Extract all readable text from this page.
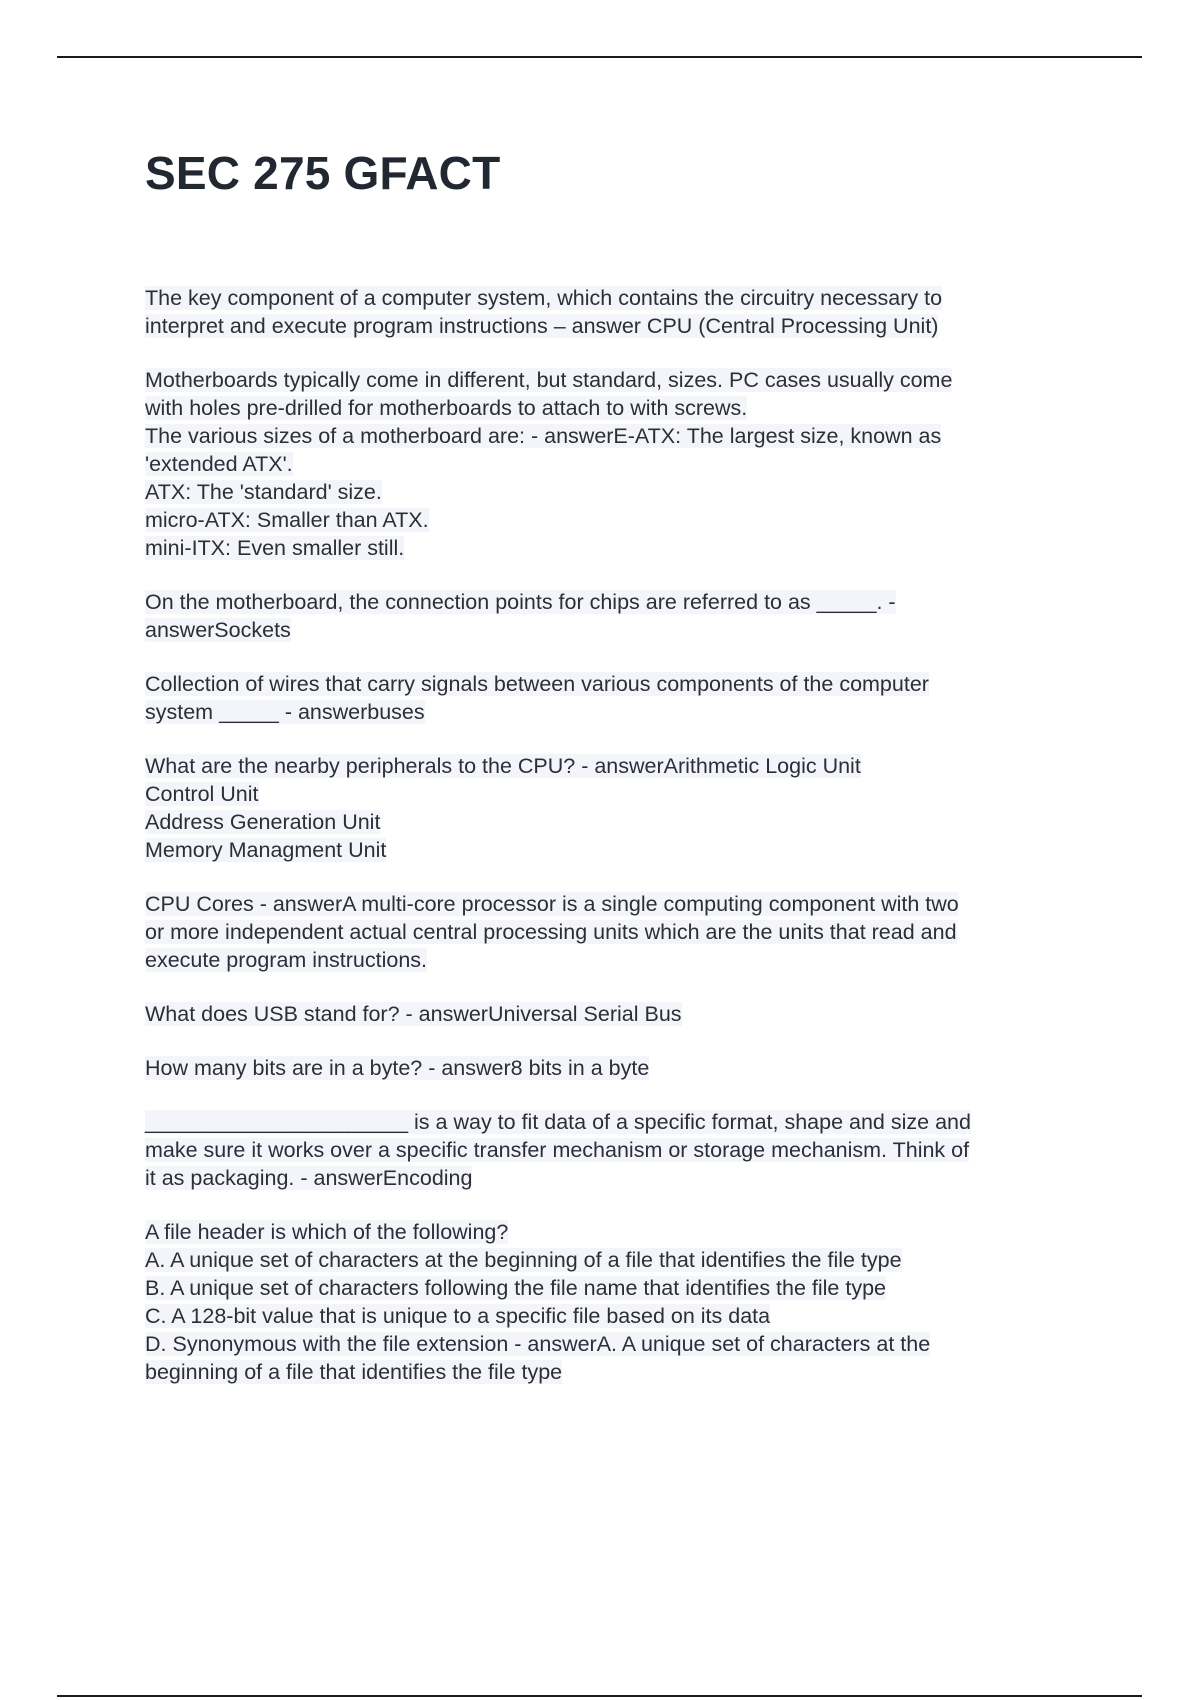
SEC 275 GFACT
The key component of a computer system, which contains the circuitry necessary to
interpret and execute program instructions – answer CPU (Central Processing Unit)
Motherboards typically come in different, but standard, sizes. PC cases usually come
with holes pre-drilled for motherboards to attach to with screws.
The various sizes of a motherboard are: - answerE-ATX: The largest size, known as
'extended ATX'.
ATX: The 'standard' size.
micro-ATX: Smaller than ATX.
mini-ITX: Even smaller still.
On the motherboard, the connection points for chips are referred to as _____. -
answerSockets
Collection of wires that carry signals between various components of the computer
system _____ - answerbuses
What are the nearby peripherals to the CPU? - answerArithmetic Logic Unit
Control Unit
Address Generation Unit
Memory Managment Unit
CPU Cores - answerA multi-core processor is a single computing component with two
or more independent actual central processing units which are the units that read and
execute program instructions.
What does USB stand for? - answerUniversal Serial Bus
How many bits are in a byte? - answer8 bits in a byte
______________________ is a way to fit data of a specific format, shape and size and
make sure it works over a specific transfer mechanism or storage mechanism. Think of
it as packaging. - answerEncoding
A file header is which of the following?
A. A unique set of characters at the beginning of a file that identifies the file type
B. A unique set of characters following the file name that identifies the file type
C. A 128-bit value that is unique to a specific file based on its data
D. Synonymous with the file extension - answerA. A unique set of characters at the
beginning of a file that identifies the file type
